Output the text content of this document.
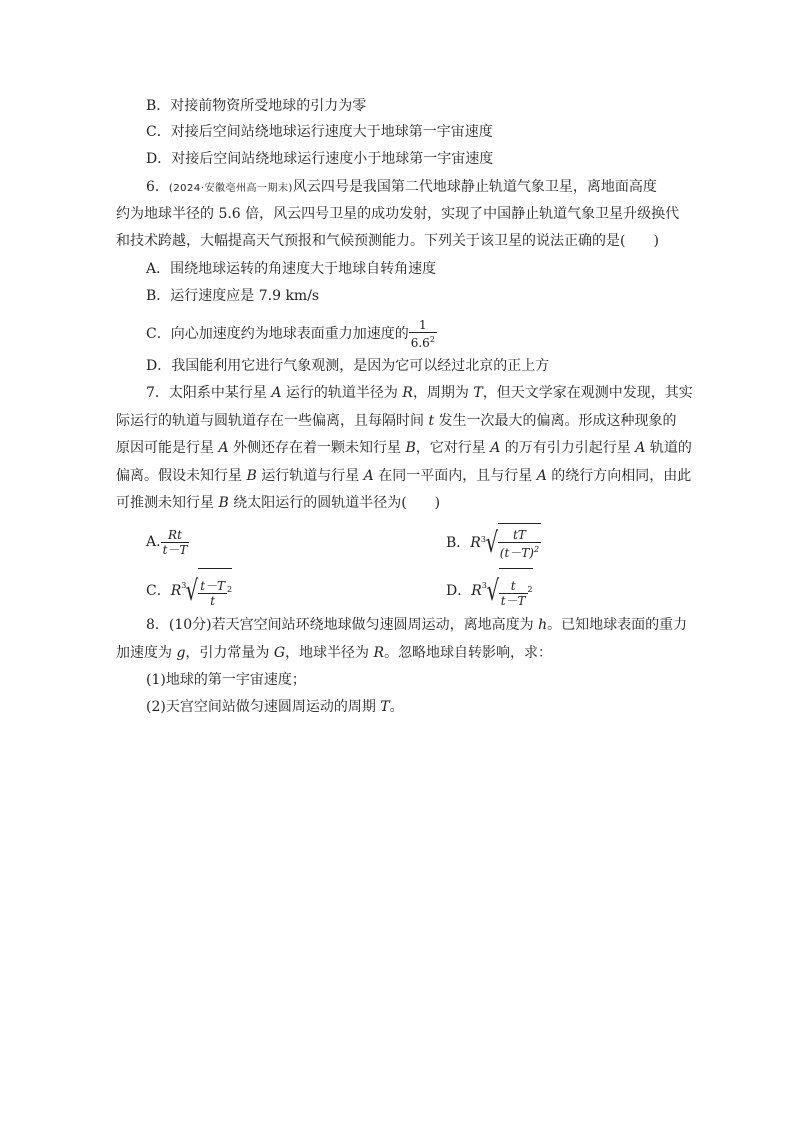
B．对接前物资所受地球的引力为零
C．对接后空间站绕地球运行速度大于地球第一宇宙速度
D．对接后空间站绕地球运行速度小于地球第一宇宙速度
6．(2024·安徽亳州高一期末)风云四号是我国第二代地球静止轨道气象卫星，离地面高度
约为地球半径的 5.6 倍，风云四号卫星的成功发射，实现了中国静止轨道气象卫星升级换代
和技术跨越，大幅提高天气预报和气候预测能力。下列关于该卫星的说法正确的是(　　)
A．围绕地球运转的角速度大于地球自转角速度
B．运行速度应是 7.9 km/s
C．向心加速度约为地球表面重力加速度的 $\frac{1}{6.6^2}$
D．我国能利用它进行气象观测，是因为它可以经过北京的正上方
7．太阳系中某行星 A 运行的轨道半径为 R，周期为 T，但天文学家在观测中发现，其实
际运行的轨道与圆轨道存在一些偏离，且每隔时间 t 发生一次最大的偏离。形成这种现象的
原因可能是行星 A 外侧还存在着一颗未知行星 B，它对行星 A 的万有引力引起行星 A 轨道的
偏离。假设未知行星 B 运行轨道与行星 A 在同一平面内，且与行星 A 的绕行方向相同，由此
可推测未知行星 B 绕太阳运行的圆轨道半径为(　　)
A. $\frac{Rt}{t-T}$	B．$R^3√ \frac{tT}{(t-T)^2}$
C．$R^3√ \frac{t-T}{t} ^2$	D．$R^3√ \frac{t}{t-T} ^2$
8．(10分)若天宫空间站环绕地球做匀速圆周运动，离地高度为 h。已知地球表面的重力
加速度为 g，引力常量为 G，地球半径为 R。忽略地球自转影响，求：
(1)地球的第一宇宙速度；
(2)天宫空间站做匀速圆周运动的周期 T。
